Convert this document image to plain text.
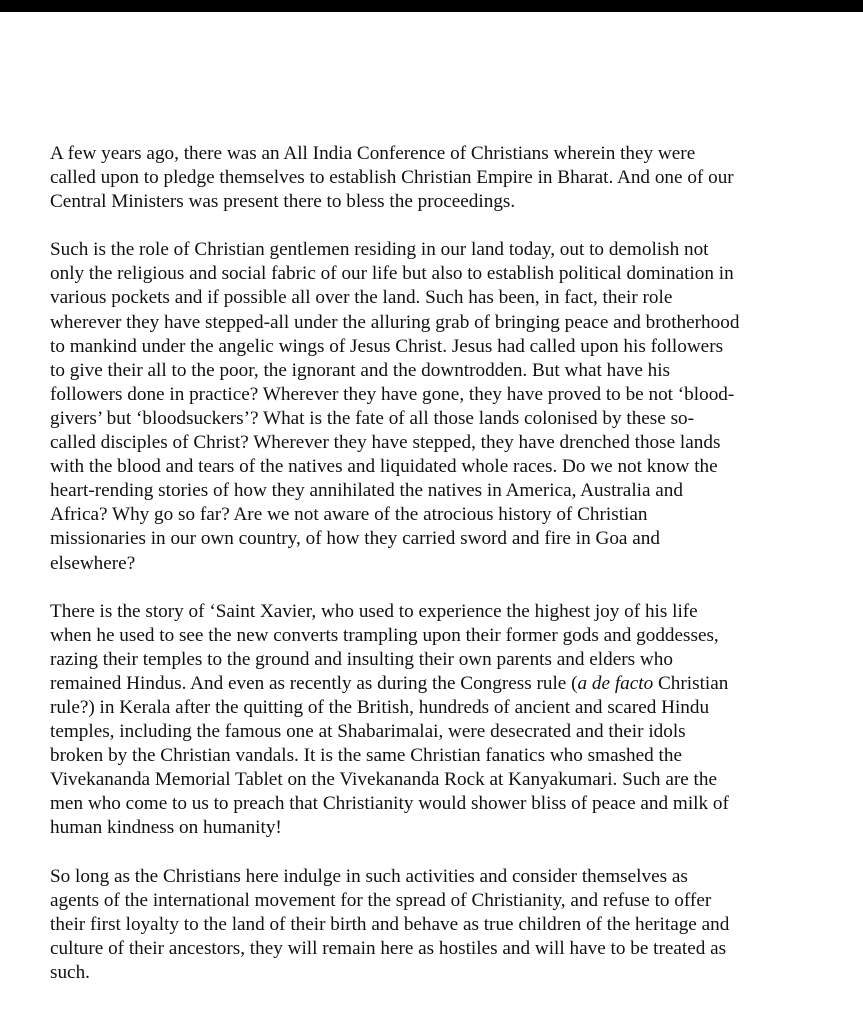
A few years ago, there was an All India Conference of Christians wherein they were
called upon to pledge themselves to establish Christian Empire in Bharat. And one of our
Central Ministers was present there to bless the proceedings.

Such is the role of Christian gentlemen residing in our land today, out to demolish not
only the religious and social fabric of our life but also to establish political domination in
various pockets and if possible all over the land. Such has been, in fact, their role
wherever they have stepped-all under the alluring grab of bringing peace and brotherhood
to mankind under the angelic wings of Jesus Christ. Jesus had called upon his followers
to give their all to the poor, the ignorant and the downtrodden. But what have his
followers done in practice? Wherever they have gone, they have proved to be not ‘blood-
givers’ but ‘bloodsuckers’? What is the fate of all those lands colonised by these so-
called disciples of Christ? Wherever they have stepped, they have drenched those lands
with the blood and tears of the natives and liquidated whole races. Do we not know the
heart-rending stories of how they annihilated the natives in America, Australia and
Africa? Why go so far? Are we not aware of the atrocious history of Christian
missionaries in our own country, of how they carried sword and fire in Goa and
elsewhere?

There is the story of ‘Saint Xavier, who used to experience the highest joy of his life
when he used to see the new converts trampling upon their former gods and goddesses,
razing their temples to the ground and insulting their own parents and elders who
remained Hindus. And even as recently as during the Congress rule (a de facto Christian
rule?) in Kerala after the quitting of the British, hundreds of ancient and scared Hindu
temples, including the famous one at Shabarimalai, were desecrated and their idols
broken by the Christian vandals. It is the same Christian fanatics who smashed the
Vivekananda Memorial Tablet on the Vivekananda Rock at Kanyakumari. Such are the
men who come to us to preach that Christianity would shower bliss of peace and milk of
human kindness on humanity!

So long as the Christians here indulge in such activities and consider themselves as
agents of the international movement for the spread of Christianity, and refuse to offer
their first loyalty to the land of their birth and behave as true children of the heritage and
culture of their ancestors, they will remain here as hostiles and will have to be treated as
such.
